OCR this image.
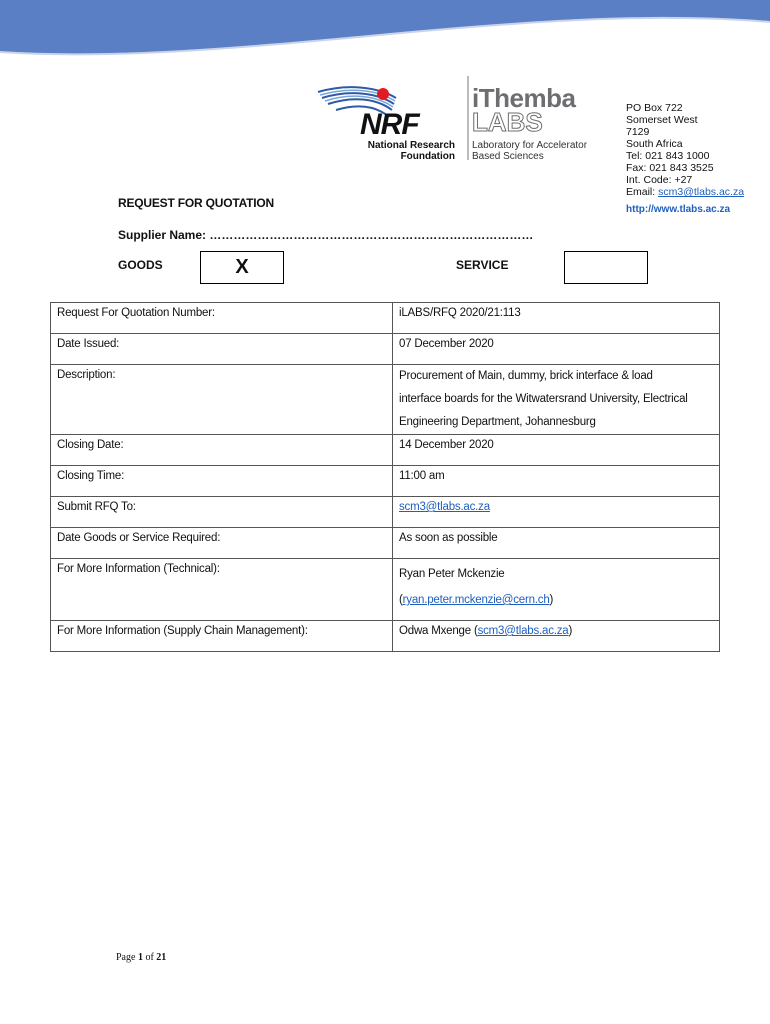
NRF
National Research
Foundation
iThemba
LABS
Laboratory for Accelerator
Based Sciences
PO Box 722
Somerset West
7129
South Africa
Tel: 021 843 1000
Fax: 021 843 3525
Int. Code: +27
Email: scm3@tlabs.ac.za
http://www.tlabs.ac.za
REQUEST FOR QUOTATION
Supplier Name: ………………………………………………………………………
GOODS	X	SERVICE
Request For Quotation Number:	iLABS/RFQ 2020/21:113
Date Issued:	07 December 2020
Description:	Procurement of Main, dummy, brick interface & load
interface boards for the Witwatersrand University, Electrical
Engineering Department, Johannesburg

Closing Date:	14 December 2020
Closing Time:	11:00 am
Submit RFQ To:	scm3@tlabs.ac.za
Date Goods or Service Required:	As soon as possible
For More Information (Technical):	Ryan Peter Mckenzie
(ryan.peter.mckenzie@cern.ch)

For More Information (Supply Chain Management):	Odwa Mxenge (scm3@tlabs.ac.za)
Page 1 of 21
